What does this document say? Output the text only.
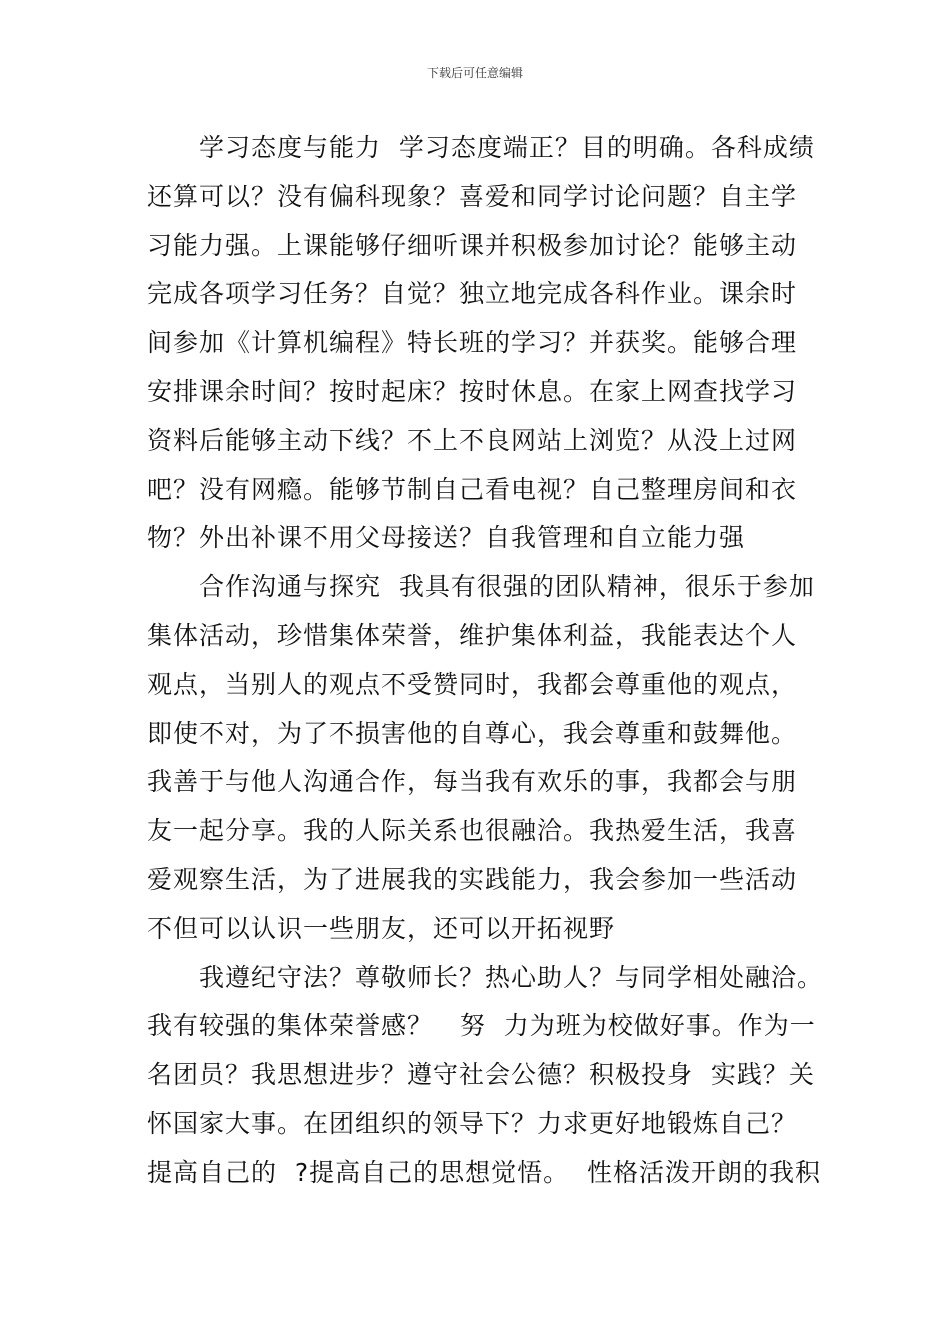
下载后可任意编辑
学习态度与能力  学习态度端正？目的明确。各科成绩
还算可以？没有偏科现象？喜爱和同学讨论问题？自主学
习能力强。上课能够仔细听课并积极参加讨论？能够主动
完成各项学习任务？自觉？独立地完成各科作业。课余时
间参加《计算机编程》特长班的学习？并获奖。能够合理
安排课余时间？按时起床？按时休息。在家上网查找学习
资料后能够主动下线？不上不良网站上浏览？从没上过网
吧？没有网瘾。能够节制自己看电视？自己整理房间和衣
物？外出补课不用父母接送？自我管理和自立能力强
合作沟通与探究  我具有很强的团队精神，很乐于参加
集体活动，珍惜集体荣誉，维护集体利益，我能表达个人
观点，当别人的观点不受赞同时，我都会尊重他的观点，
即使不对，为了不损害他的自尊心，我会尊重和鼓舞他。
我善于与他人沟通合作，每当我有欢乐的事，我都会与朋
友一起分享。我的人际关系也很融洽。我热爱生活，我喜
爱观察生活，为了进展我的实践能力，我会参加一些活动
不但可以认识一些朋友，还可以开拓视野
我遵纪守法？尊敬师长？热心助人？与同学相处融洽。
我有较强的集体荣誉感？   努  力为班为校做好事。作为一
名团员？我思想进步？遵守社会公德？积极投身  实践？关
怀国家大事。在团组织的领导下？力求更好地锻炼自己？
提高自己的  ?提高自己的思想觉悟。  性格活泼开朗的我积
